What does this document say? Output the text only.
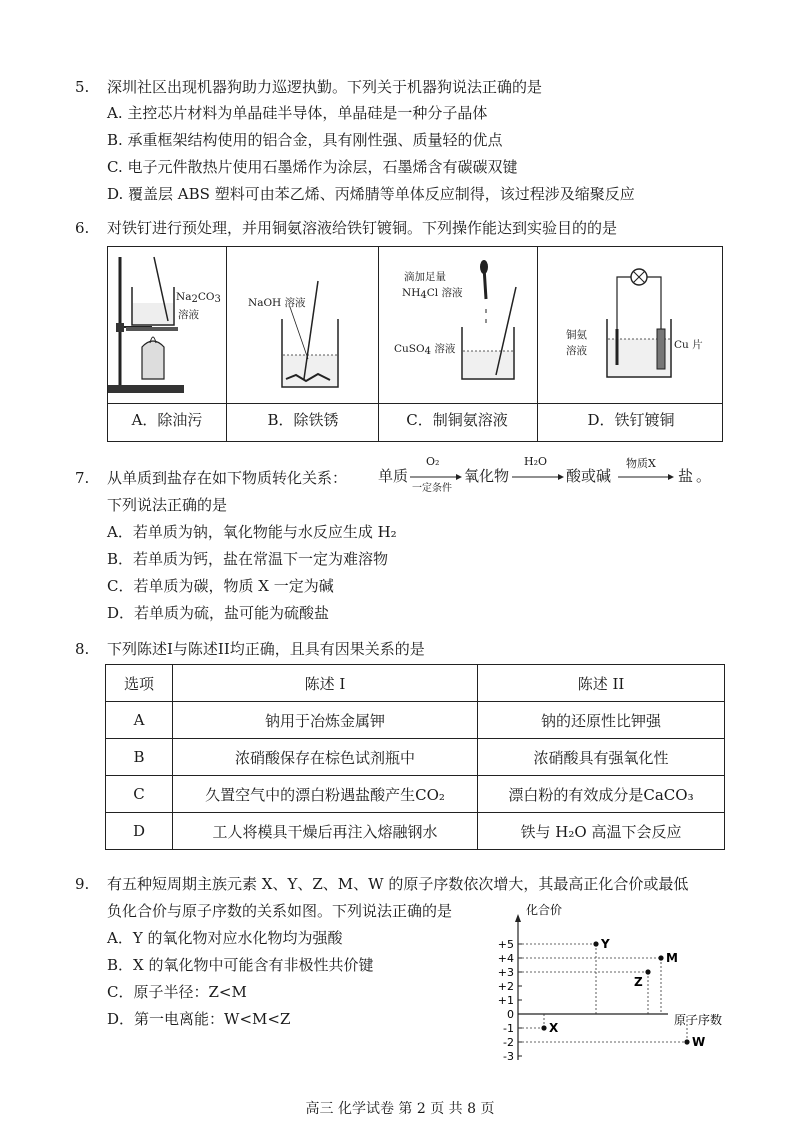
5.	深圳社区出现机器狗助力巡逻执勤。下列关于机器狗说法正确的是
A. 主控芯片材料为单晶硅半导体，单晶硅是一种分子晶体
B. 承重框架结构使用的铝合金，具有刚性强、质量轻的优点
C. 电子元件散热片使用石墨烯作为涂层，石墨烯含有碳碳双键
D. 覆盖层 ABS 塑料可由苯乙烯、丙烯腈等单体反应制得，该过程涉及缩聚反应
6.	对铁钉进行预处理，并用铜氨溶液给铁钉镀铜。下列操作能达到实验目的的是
$Na_2CO_3$
溶液
NaOH 溶液
滴加足量
$NH_4Cl$ 溶液
CuSO$_4$ 溶液
铜氨
溶液	Cu 片
A．除油污	B．除铁锈	C．制铜氨溶液	D．铁钉镀铜
7.	从单质到盐存在如下物质转化关系： 单质
O₂
一定条件
氧化物
H₂O
酸或碱
物质X
盐 。
下列说法正确的是
A．若单质为钠，氧化物能与水反应生成 H₂
B．若单质为钙，盐在常温下一定为难溶物
C．若单质为碳，物质 X 一定为碱
D．若单质为硫，盐可能为硫酸盐
8.	下列陈述I与陈述II均正确，且具有因果关系的是
选项	陈述 I	陈述 II
A	钠用于冶炼金属钾	钠的还原性比钾强
B	浓硝酸保存在棕色试剂瓶中	浓硝酸具有强氧化性
C	久置空气中的漂白粉遇盐酸产生CO₂	漂白粉的有效成分是CaCO₃
D	工人将模具干燥后再注入熔融钢水	铁与 H₂O 高温下会反应
9.	有五种短周期主族元素 X、Y、Z、M、W 的原子序数依次增大，其最高正化合价或最低
负化合价与原子序数的关系如图。下列说法正确的是
A．Y 的氧化物对应水化物均为强酸
B．X 的氧化物中可能含有非极性共价键
C．原子半径：Z<M
D．第一电离能：W<M<Z
化合价
原子序数
+5
+4
+3
+2
+1
0
-1
-2
-3
X
Y
Z
M
W
高三 化学试卷 第 2 页 共 8 页
